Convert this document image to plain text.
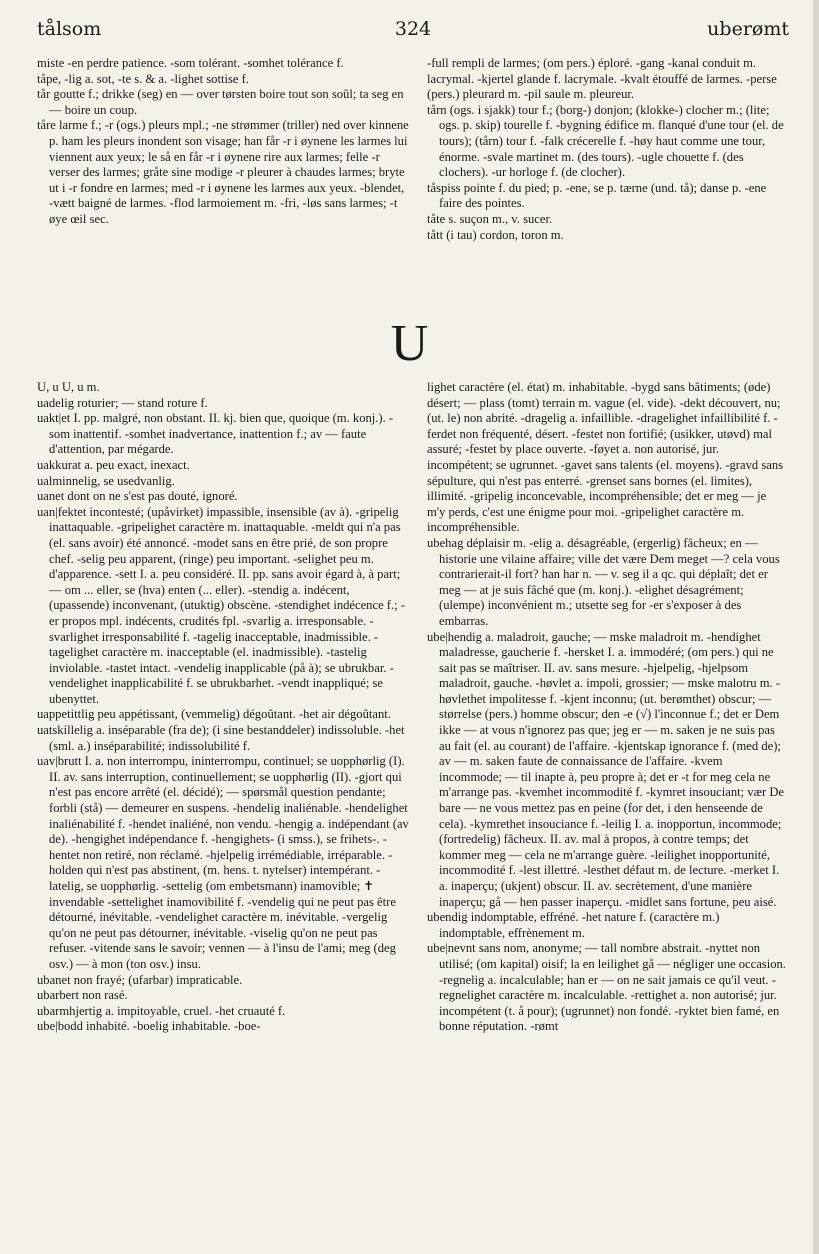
tålsom	324	uberømt

miste -en perdre patience. -som tolérant. -somhet tolérance f.

tåpe, -lig a. sot, -te s. & a. -lighet sottise f.

tår goutte f.; drikke (seg) en — over tørsten boire tout son soûl; ta seg en — boire un coup.

tåre larme f.; -r (ogs.) pleurs mpl.; -ne strømmer (triller) ned over kinnene p. ham les pleurs inondent son visage; han får -r i øynene les larmes lui viennent aux yeux; le så en får -r i øynene rire aux larmes; felle -r verser des larmes; gråte sine modige -r pleurer à chaudes larmes; bryte ut i -r fondre en larmes; med -r i øynene les larmes aux yeux. -blendet, -vætt baigné de larmes. -flod larmoiement m. -fri, -løs sans larmes; -t øye œil sec.

-full rempli de larmes; (om pers.) éploré. -gang -kanal conduit m. lacrymal. -kjertel glande f. lacrymale. -kvalt étouffé de larmes. -perse (pers.) pleurard m. -pil saule m. pleureur.

tårn (ogs. i sjakk) tour f.; (borg-) donjon; (klokke-) clocher m.; (lite; ogs. p. skip) tourelle f. -bygning édifice m. flanqué d'une tour (el. de tours); (tårn) tour f. -falk crécerelle f. -høy haut comme une tour, énorme. -svale martinet m. (des tours). -ugle chouette f. (des clochers). -ur horloge f. (de clocher).

tåspiss pointe f. du pied; p. -ene, se p. tærne (und. tå); danse p. -ene faire des pointes.

tåte s. suçon m., v. sucer.

tått (i tau) cordon, toron m.

U

U, u U, u m.

uadelig roturier; — stand roture f.

uakt|et I. pp. malgré, non obstant. II. kj. bien que, quoique (m. konj.). -som inattentif. -somhet inadvertance, inattention f.; av — faute d'attention, par mégarde.

uakkurat a. peu exact, inexact.

ualminnelig, se usedvanlig.

uanet dont on ne s'est pas douté, ignoré.

uan|fektet incontesté; (upåvirket) impassible, insensible (av à). -gripelig inattaquable. -gripelighet caractère m. inattaquable. -meldt qui n'a pas (el. sans avoir) été annoncé. -modet sans en être prié, de son propre chef. -selig peu apparent, (ringe) peu important. -selighet peu m. d'apparence. -sett I. a. peu considéré. II. pp. sans avoir égard à, à part; — om ... eller, se (hva) enten (... eller). -stendig a. indécent, (upassende) inconvenant, (utuktig) obscène. -stendighet indécence f.; -er propos mpl. indécents, crudités fpl. -svarlig a. irresponsable. -svarlighet irresponsabilité f. -tagelig inacceptable, inadmissible. -tagelighet caractère m. inacceptable (el. inadmissible). -tastelig inviolable. -tastet intact. -vendelig inapplicable (på à); se ubrukbar. -vendelighet inapplicabilité f. se ubrukbarhet. -vendt inappliqué; se ubenyttet.

uappetittlig peu appétissant, (vemmelig) dégoûtant. -het air dégoûtant.

uatskillelig a. inséparable (fra de); (i sine bestanddeler) indissoluble. -het (sml. a.) inséparabilité; indissolubilité f.

uav|brutt I. a. non interrompu, ininterrompu, continuel; se uopphørlig (I). II. av. sans interruption, continuellement; se uopphørlig (II). -gjort qui n'est pas encore arrêté (el. décidé); — spørsmål question pendante; forbli (stå) — demeurer en suspens. -hendelig inaliénable. -hendelighet inaliénabilité f. -hendet inaliéné, non vendu. -hengig a. indépendant (av de). -hengighet indépendance f. -hengighets- (i smss.), se frihets-. -hentet non retiré, non réclamé. -hjelpelig irrémédiable, irréparable. -holden qui n'est pas abstinent, (m. hens. t. nytelser) intempérant. -latelig, se uopphørlig. -settelig (om embetsmann) inamovible; ✝ invendable -settelighet inamovibilité f. -vendelig qui ne peut pas être détourné, inévitable. -vendelighet caractère m. inévitable. -vergelig qu'on ne peut pas détourner, inévitable. -viselig qu'on ne peut pas refuser. -vitende sans le savoir; vennen — à l'insu de l'ami; meg (deg osv.) — à mon (ton osv.) insu.

ubanet non frayé; (ufarbar) impraticable.

ubarbert non rasé.

ubarmhjertig a. impitoyable, cruel. -het cruauté f.

ube|bodd inhabité. -boelig inhabitable. -boe-

lighet caractère (el. état) m. inhabitable. -bygd sans bâtiments; (øde) désert; — plass (tomt) terrain m. vague (el. vide). -dekt découvert, nu; (ut. le) non abrité. -dragelig a. infaillible. -dragelighet infaillibilité f. -ferdet non fréquenté, désert. -festet non fortifié; (usikker, utøvd) mal assuré; -festet by place ouverte. -føyet a. non autorisé, jur. incompétent; se ugrunnet. -gavet sans talents (el. moyens). -gravd sans sépulture, qui n'est pas enterré. -grenset sans bornes (el. limites), illimité. -gripelig inconcevable, incompréhensible; det er meg — je m'y perds, c'est une énigme pour moi. -gripelighet caractère m. incompréhensible.

ubehag déplaisir m. -elig a. désagréable, (ergerlig) fâcheux; en — historie une vilaine affaire; ville det være Dem meget —? cela vous contrarierait-il fort? han har n. — v. seg il a qc. qui déplaît; det er meg — at je suis fâché que (m. konj.). -elighet désagrément; (ulempe) inconvénient m.; utsette seg for -er s'exposer à des embarras.

ube|hendig a. maladroit, gauche; — mske maladroit m. -hendighet maladresse, gaucherie f. -hersket I. a. immodéré; (om pers.) qui ne sait pas se maîtriser. II. av. sans mesure. -hjelpelig, -hjelpsom maladroit, gauche. -høvlet a. impoli, grossier; — mske malotru m. -høvlethet impolitesse f. -kjent inconnu; (ut. berømthet) obscur; — størrelse (pers.) homme obscur; den -e (√) l'inconnue f.; det er Dem ikke — at vous n'ignorez pas que; jeg er — m. saken je ne suis pas au fait (el. au courant) de l'affaire. -kjentskap ignorance f. (med de); av — m. saken faute de connaissance de l'affaire. -kvem incommode; — til inapte à, peu propre à; det er -t for meg cela ne m'arrange pas. -kvemhet incommodité f. -kymret insouciant; vær De bare — ne vous mettez pas en peine (for det, i den henseende de cela). -kymrethet insouciance f. -leilig I. a. inopportun, incommode; (fortredelig) fâcheux. II. av. mal à propos, à contre temps; det kommer meg — cela ne m'arrange guère. -leilighet inopportunité, incommodité f. -lest illettré. -lesthet défaut m. de lecture. -merket I. a. inaperçu; (ukjent) obscur. II. av. secrètement, d'une manière inaperçu; gå — hen passer inaperçu. -midlet sans fortune, peu aisé.

ubendig indomptable, effréné. -het nature f. (caractère m.) indomptable, effrènement m.

ube|nevnt sans nom, anonyme; — tall nombre abstrait. -nyttet non utilisé; (om kapital) oisif; la en leilighet gå — négliger une occasion. -regnelig a. incalculable; han er — on ne sait jamais ce qu'il veut. -regnelighet caractère m. incalculable. -rettighet a. non autorisé; jur. incompétent (t. å pour); (ugrunnet) non fondé. -ryktet bien famé, en bonne réputation. -rømt
